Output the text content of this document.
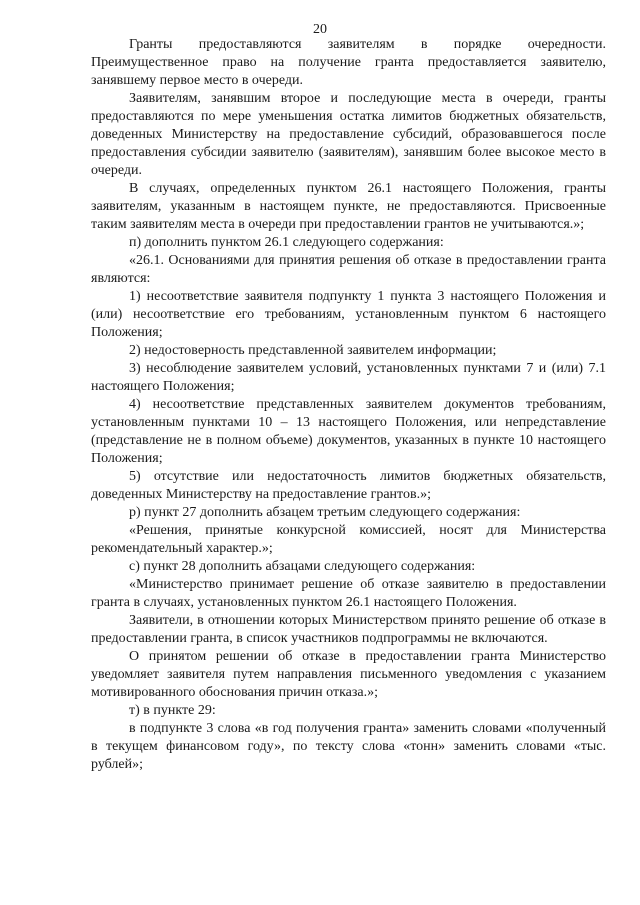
20

Гранты предоставляются заявителям в порядке очередности. Преимущественное право на получение гранта предоставляется заявителю, занявшему первое место в очереди.

Заявителям, занявшим второе и последующие места в очереди, гранты предоставляются по мере уменьшения остатка лимитов бюджетных обязательств, доведенных Министерству на предоставление субсидий, образовавшегося после предоставления субсидии заявителю (заявителям), занявшим более высокое место в очереди.

В случаях, определенных пунктом 26.1 настоящего Положения, гранты заявителям, указанным в настоящем пункте, не предоставляются. Присвоенные таким заявителям места в очереди при предоставлении грантов не учитываются.»;

п) дополнить пунктом 26.1 следующего содержания:

«26.1. Основаниями для принятия решения об отказе в предоставлении гранта являются:

1) несоответствие заявителя подпункту 1 пункта 3 настоящего Положения и (или) несоответствие его требованиям, установленным пунктом 6 настоящего Положения;

2) недостоверность представленной заявителем информации;

3) несоблюдение заявителем условий, установленных пунктами 7 и (или) 7.1 настоящего Положения;

4) несоответствие представленных заявителем документов требованиям, установленным пунктами 10 – 13 настоящего Положения, или непредставление (представление не в полном объеме) документов, указанных в пункте 10 настоящего Положения;

5) отсутствие или недостаточность лимитов бюджетных обязательств, доведенных Министерству на предоставление грантов.»;

р) пункт 27 дополнить абзацем третьим следующего содержания:

«Решения, принятые конкурсной комиссией, носят для Министерства рекомендательный характер.»;

с) пункт 28 дополнить абзацами следующего содержания:

«Министерство принимает решение об отказе заявителю в предоставлении гранта в случаях, установленных пунктом 26.1 настоящего Положения.

Заявители, в отношении которых Министерством принято решение об отказе в предоставлении гранта, в список участников подпрограммы не включаются.

О принятом решении об отказе в предоставлении гранта Министерство уведомляет заявителя путем направления письменного уведомления с указанием мотивированного обоснования причин отказа.»;

т) в пункте 29:

в подпункте 3 слова «в год получения гранта» заменить словами «полученный в текущем финансовом году», по тексту слова «тонн» заменить словами «тыс. рублей»;
